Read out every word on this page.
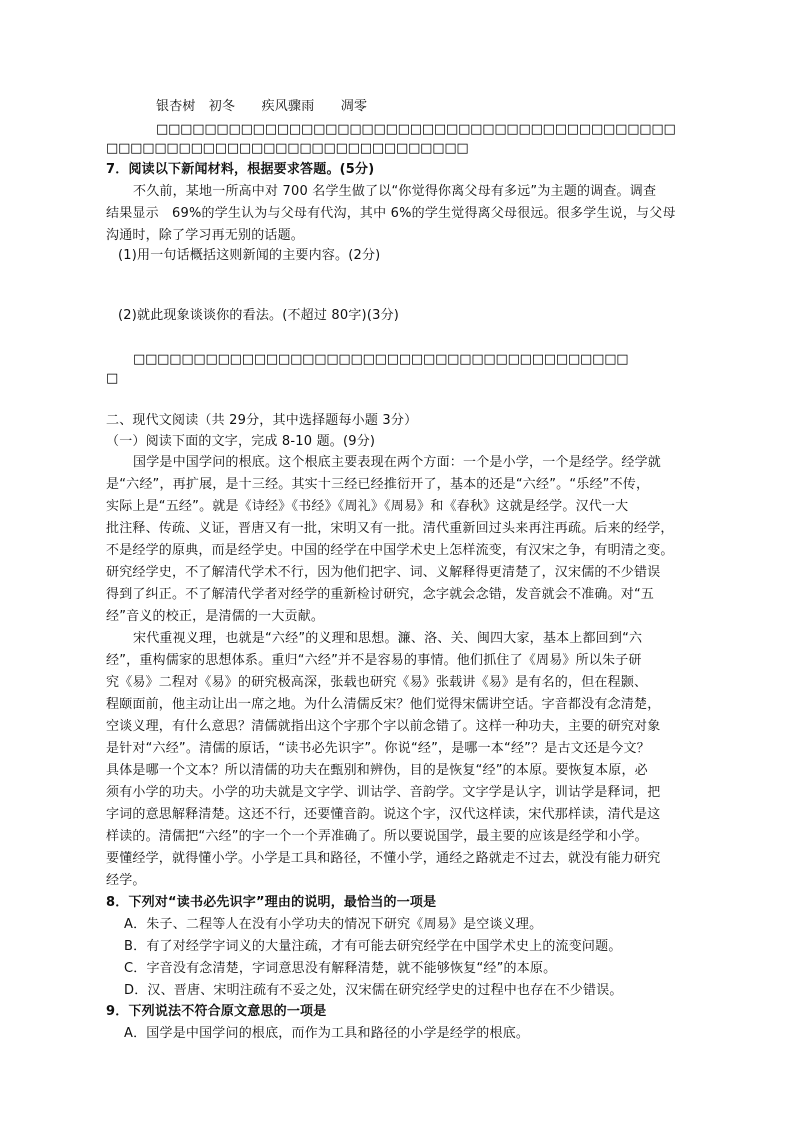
银杏树　初冬　　疾风骤雨　　凋零
□□□□□□□□□□□□□□□□□□□□□□□□□□□□□□□□□□□□□□□□□□□
□□□□□□□□□□□□□□□□□□□□□□□□□□□□□□
7．阅读以下新闻材料，根据要求答题。(5分)
不久前，某地一所高中对 700 名学生做了以“你觉得你离父母有多远”为主题的调查。调查
结果显示　69%的学生认为与父母有代沟，其中 6%的学生觉得离父母很远。很多学生说，与父母
沟通时，除了学习再无别的话题。
(1)用一句话概括这则新闻的主要内容。(2分)
(2)就此现象谈谈你的看法。(不超过 80字)(3分)
□□□□□□□□□□□□□□□□□□□□□□□□□□□□□□□□□□□□□□□□□
□
二、现代文阅读（共 29分，其中选择题每小题 3分）
（一）阅读下面的文字，完成 8-10 题。(9分)
国学是中国学问的根底。这个根底主要表现在两个方面：一个是小学，一个是经学。经学就
是“六经”，再扩展，是十三经。其实十三经已经推衍开了，基本的还是“六经”。“乐经”不传，
实际上是“五经”。就是《诗经》《书经》《周礼》《周易》和《春秋》这就是经学。汉代一大
批注释、传疏、义证，晋唐又有一批，宋明又有一批。清代重新回过头来再注再疏。后来的经学，
不是经学的原典，而是经学史。中国的经学在中国学术史上怎样流变，有汉宋之争，有明清之变。
研究经学史，不了解清代学术不行，因为他们把字、词、义解释得更清楚了，汉宋儒的不少错误
得到了纠正。不了解清代学者对经学的重新检讨研究，念字就会念错，发音就会不准确。对“五
经”音义的校正，是清儒的一大贡献。
宋代重视义理，也就是“六经”的义理和思想。濂、洛、关、闽四大家，基本上都回到“六
经”，重构儒家的思想体系。重归“六经”并不是容易的事情。他们抓住了《周易》所以朱子研
究《易》二程对《易》的研究极高深，张载也研究《易》张载讲《易》是有名的，但在程颢、
程颐面前，他主动让出一席之地。为什么清儒反宋？他们觉得宋儒讲空话。字音都没有念清楚，
空谈义理，有什么意思？清儒就指出这个字那个字以前念错了。这样一种功夫，主要的研究对象
是针对“六经”。清儒的原话，“读书必先识字”。你说“经”，是哪一本“经”？是古文还是今文？
具体是哪一个文本？所以清儒的功夫在甄别和辨伪，目的是恢复“经”的本原。要恢复本原，必
须有小学的功夫。小学的功夫就是文字学、训诂学、音韵学。文字学是认字，训诂学是释词，把
字词的意思解释清楚。这还不行，还要懂音韵。说这个字，汉代这样读，宋代那样读，清代是这
样读的。清儒把“六经”的字一个一个弄准确了。所以要说国学，最主要的应该是经学和小学。
要懂经学，就得懂小学。小学是工具和路径，不懂小学，通经之路就走不过去，就没有能力研究
经学。
8．下列对“读书必先识字”理由的说明，最恰当的一项是
A．朱子、二程等人在没有小学功夫的情况下研究《周易》是空谈义理。
B．有了对经学字词义的大量注疏，才有可能去研究经学在中国学术史上的流变问题。
C．字音没有念清楚，字词意思没有解释清楚，就不能够恢复“经”的本原。
D．汉、晋唐、宋明注疏有不妥之处，汉宋儒在研究经学史的过程中也存在不少错误。
9．下列说法不符合原文意思的一项是
A．国学是中国学问的根底，而作为工具和路径的小学是经学的根底。
